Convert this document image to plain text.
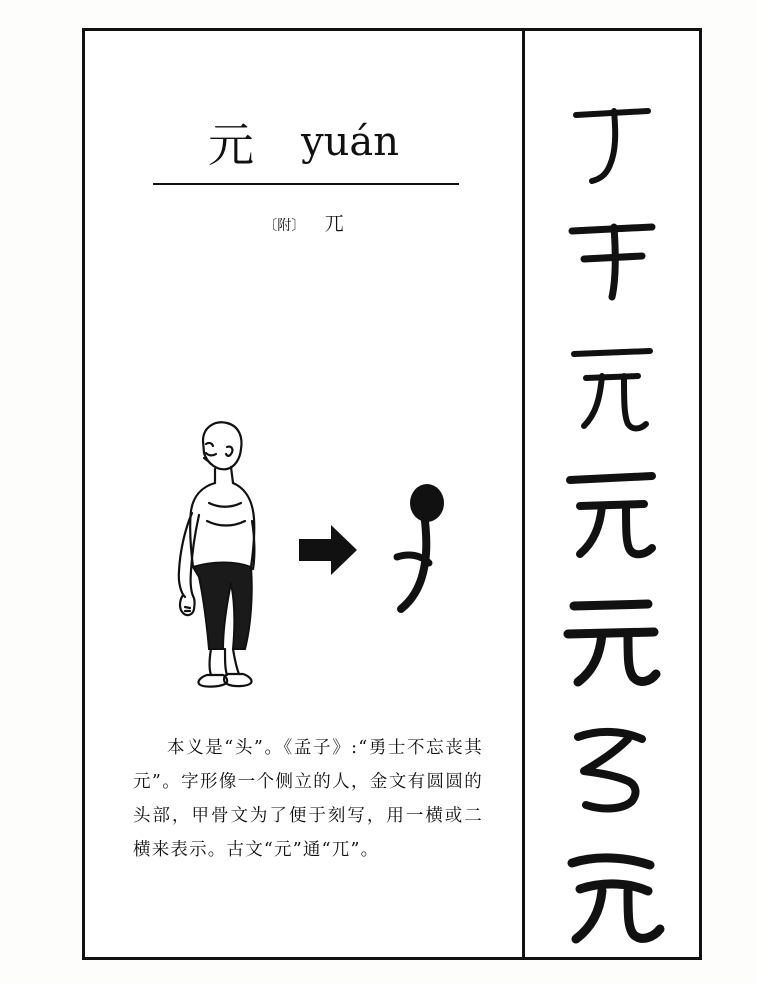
元 yuán
〔附〕 兀
本义是“头”。《孟子》:“勇士不忘丧其元”。字形像一个侧立的人，金文有圆圆的头部，甲骨文为了便于刻写，用一横或二横来表示。古文“元”通“兀”。
